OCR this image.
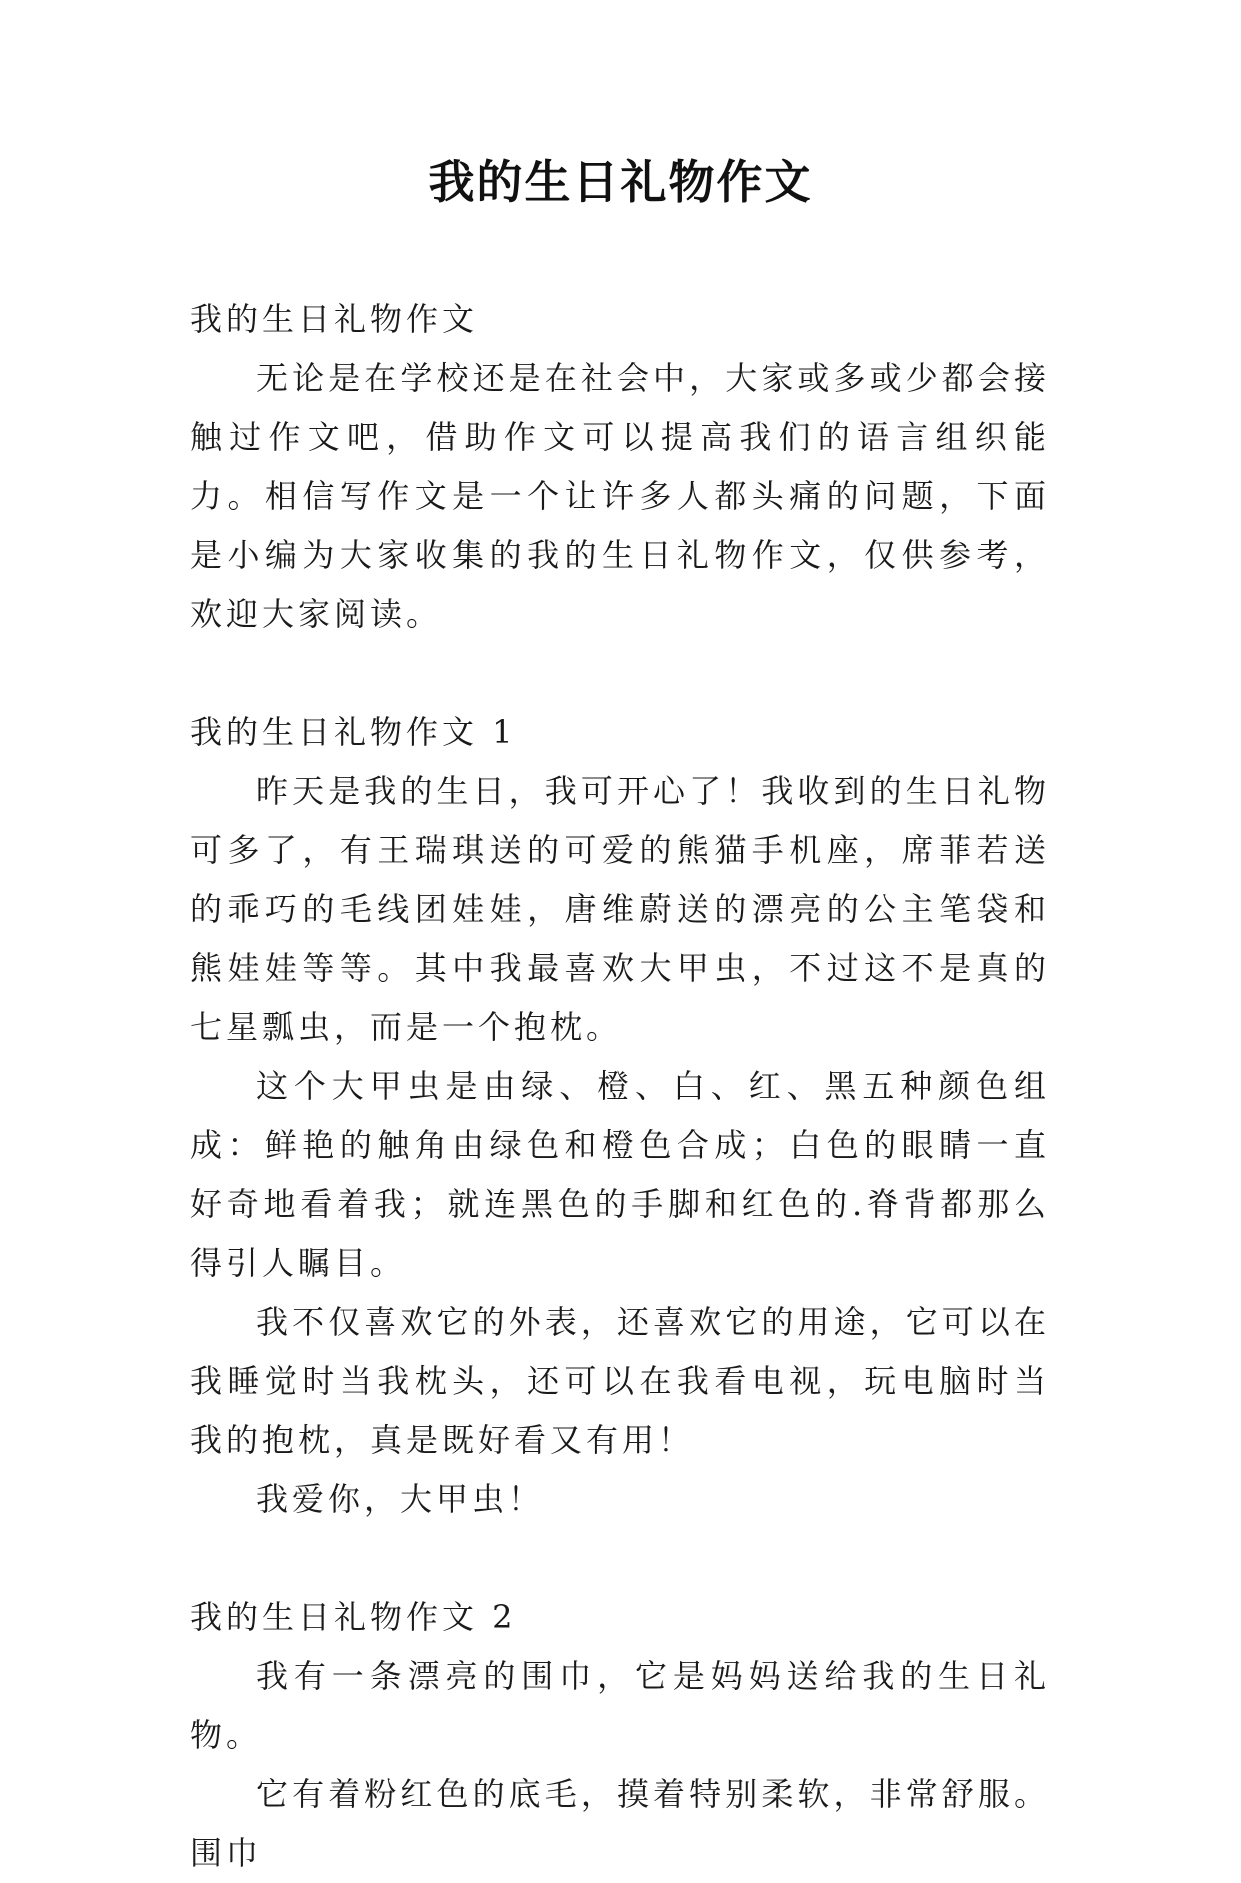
我的生日礼物作文

我的生日礼物作文

无论是在学校还是在社会中，大家或多或少都会接触过作文吧，借助作文可以提高我们的语言组织能力。相信写作文是一个让许多人都头痛的问题，下面是小编为大家收集的我的生日礼物作文，仅供参考，欢迎大家阅读。

我的生日礼物作文 1

昨天是我的生日，我可开心了！我收到的生日礼物可多了，有王瑞琪送的可爱的熊猫手机座，席菲若送的乖巧的毛线团娃娃，唐维蔚送的漂亮的公主笔袋和熊娃娃等等。其中我最喜欢大甲虫，不过这不是真的七星瓢虫，而是一个抱枕。

这个大甲虫是由绿、橙、白、红、黑五种颜色组成：鲜艳的触角由绿色和橙色合成；白色的眼睛一直好奇地看着我；就连黑色的手脚和红色的.脊背都那么得引人瞩目。

我不仅喜欢它的外表，还喜欢它的用途，它可以在我睡觉时当我枕头，还可以在我看电视，玩电脑时当我的抱枕，真是既好看又有用！

我爱你，大甲虫！

我的生日礼物作文 2

我有一条漂亮的围巾，它是妈妈送给我的生日礼物。

它有着粉红色的底毛，摸着特别柔软，非常舒服。围巾
